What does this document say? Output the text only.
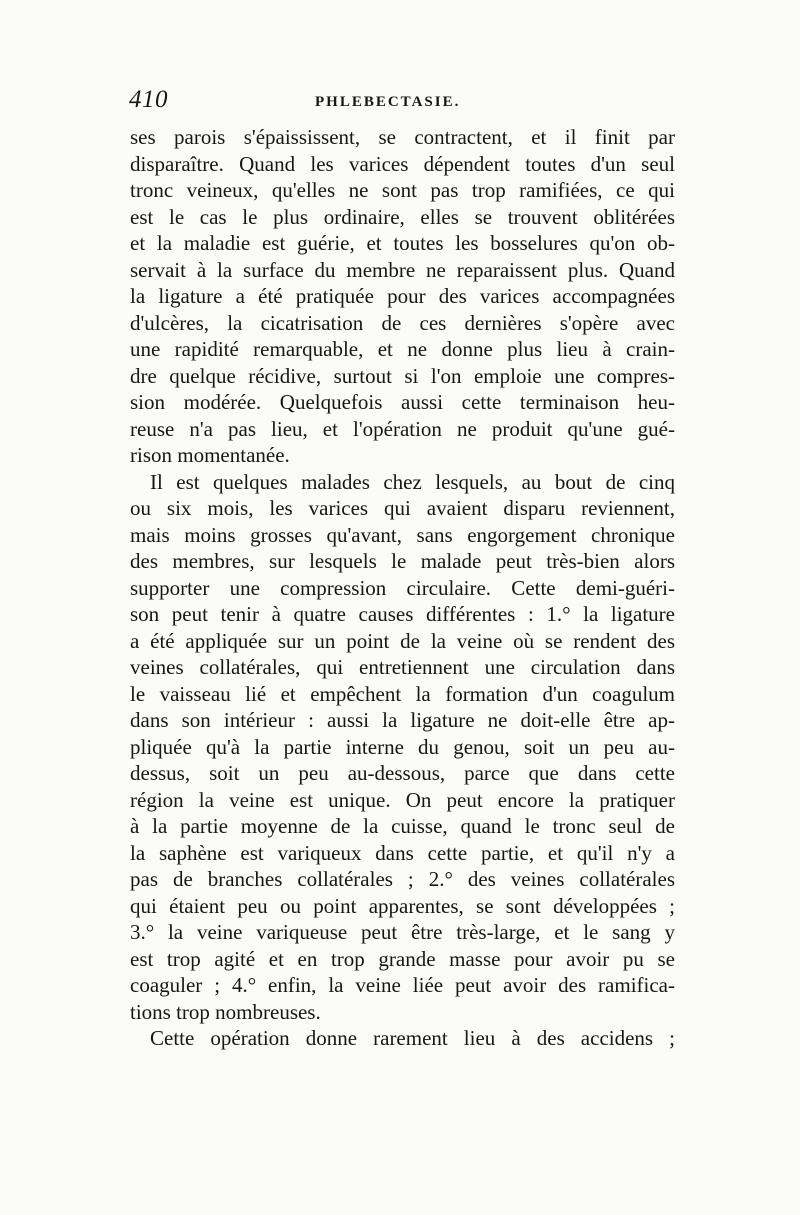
410	PHLEBECTASIE.
ses parois s'épaississent, se contractent, et il finit par
disparaître. Quand les varices dépendent toutes d'un seul
tronc veineux, qu'elles ne sont pas trop ramifiées, ce qui
est le cas le plus ordinaire, elles se trouvent oblitérées
et la maladie est guérie, et toutes les bosselures qu'on ob-
servait à la surface du membre ne reparaissent plus. Quand
la ligature a été pratiquée pour des varices accompagnées
d'ulcères, la cicatrisation de ces dernières s'opère avec
une rapidité remarquable, et ne donne plus lieu à crain-
dre quelque récidive, surtout si l'on emploie une compres-
sion modérée. Quelquefois aussi cette terminaison heu-
reuse n'a pas lieu, et l'opération ne produit qu'une gué-
rison momentanée.
Il est quelques malades chez lesquels, au bout de cinq
ou six mois, les varices qui avaient disparu reviennent,
mais moins grosses qu'avant, sans engorgement chronique
des membres, sur lesquels le malade peut très-bien alors
supporter une compression circulaire. Cette demi-guéri-
son peut tenir à quatre causes différentes : 1.° la ligature
a été appliquée sur un point de la veine où se rendent des
veines collatérales, qui entretiennent une circulation dans
le vaisseau lié et empêchent la formation d'un coagulum
dans son intérieur : aussi la ligature ne doit-elle être ap-
pliquée qu'à la partie interne du genou, soit un peu au-
dessus, soit un peu au-dessous, parce que dans cette
région la veine est unique. On peut encore la pratiquer
à la partie moyenne de la cuisse, quand le tronc seul de
la saphène est variqueux dans cette partie, et qu'il n'y a
pas de branches collatérales ; 2.° des veines collatérales
qui étaient peu ou point apparentes, se sont développées ;
3.° la veine variqueuse peut être très-large, et le sang y
est trop agité et en trop grande masse pour avoir pu se
coaguler ; 4.° enfin, la veine liée peut avoir des ramifica-
tions trop nombreuses.
Cette opération donne rarement lieu à des accidens ;
